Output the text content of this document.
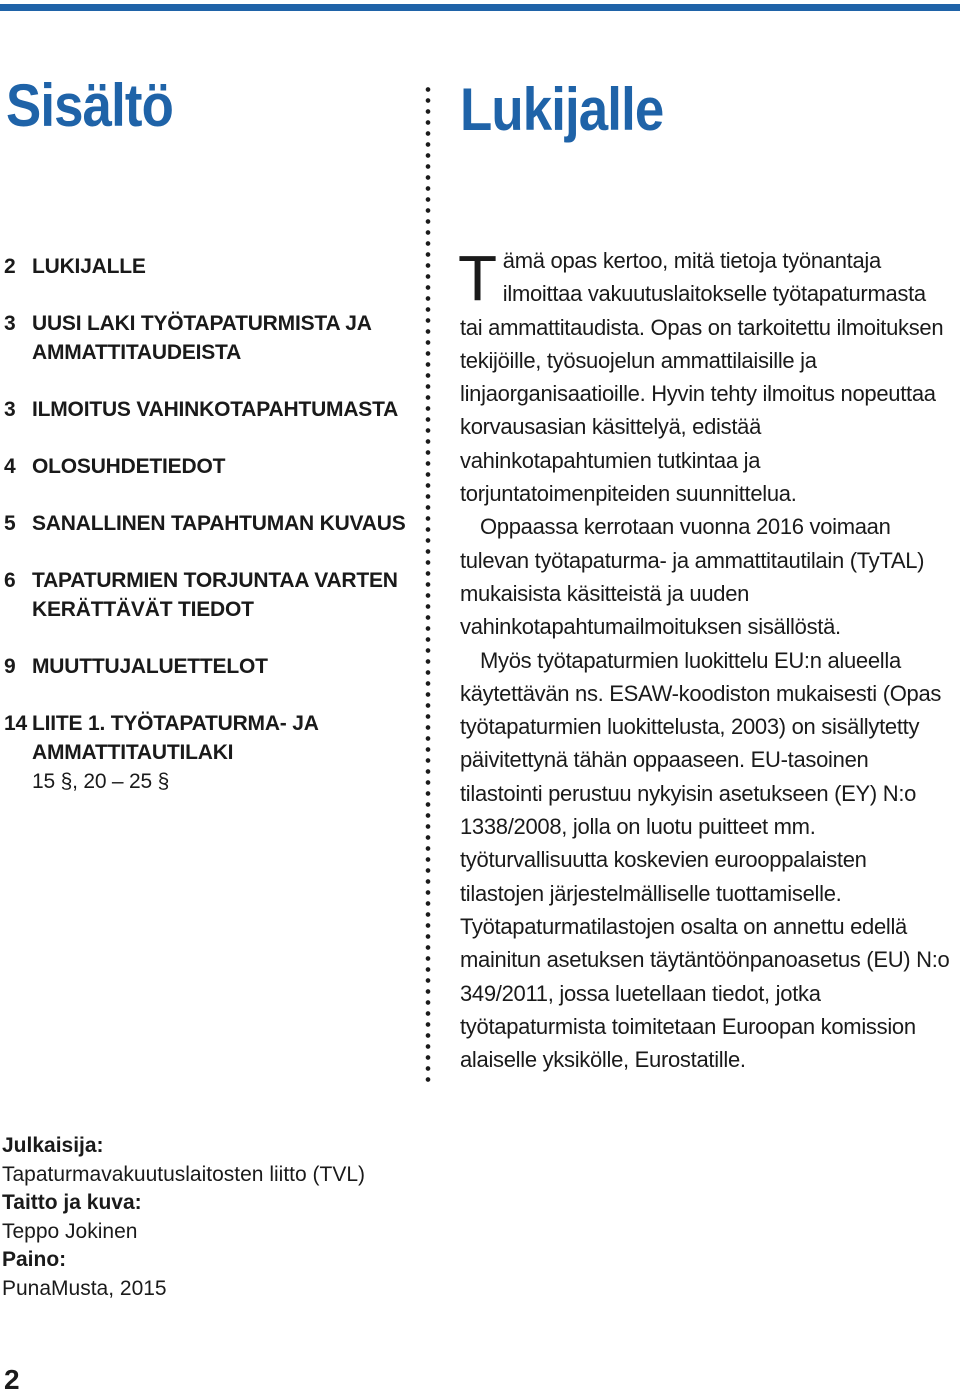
Sisältö
2 LUKIJALLE
3 UUSI LAKI TYÖTAPATURMISTA JA AMMATTITAUDEISTA
3 ILMOITUS VAHINKOTAPAHTUMASTA
4 OLOSUHDETIEDOT
5 SANALLINEN TAPAHTUMAN KUVAUS
6 TAPATURMIEN TORJUNTAA VARTEN KERÄTTÄVÄT TIEDOT
9 MUUTTUJALUETTELOT
14 LIITE 1. TYÖTAPATURMA- JA AMMATTITAUTILAKI
15 §, 20 – 25 §
Lukijalle

Tämä opas kertoo, mitä tietoja työnantaja ilmoittaa vakuutuslaitokselle työtapaturmasta tai ammattitaudista. Opas on tarkoitettu ilmoituksen tekijöille, työsuojelun ammattilaisille ja linjaorganisaatioille. Hyvin tehty ilmoitus nopeuttaa korvausasian käsittelyä, edistää vahinkotapahtumien tutkintaa ja torjuntatoimenpiteiden suunnittelua.

Oppaassa kerrotaan vuonna 2016 voimaan tulevan työtapaturma- ja ammattitautilain (TyTAL) mukaisista käsitteistä ja uuden vahinkotapahtumailmoituksen sisällöstä.

Myös työtapaturmien luokittelu EU:n alueella käytettävän ns. ESAW-koodiston mukaisesti (Opas työtapaturmien luokittelusta, 2003) on sisällytetty päivitettynä tähän oppaaseen. EU-tasoinen tilastointi perustuu nykyisin asetukseen (EY) N:o 1338/2008, jolla on luotu puitteet mm. työturvallisuutta koskevien eurooppalaisten tilastojen järjestelmälliselle tuottamiselle. Työtapaturmatilastojen osalta on annettu edellä mainitun asetuksen täytäntöönpanoasetus (EU) N:o 349/2011, jossa luetellaan tiedot, jotka työtapaturmista toimitetaan Euroopan komission alaiselle yksikölle, Eurostatille.

Julkaisija:
Tapaturmavakuutuslaitosten liitto (TVL)
Taitto ja kuva:
Teppo Jokinen
Paino:
PunaMusta, 2015
2
